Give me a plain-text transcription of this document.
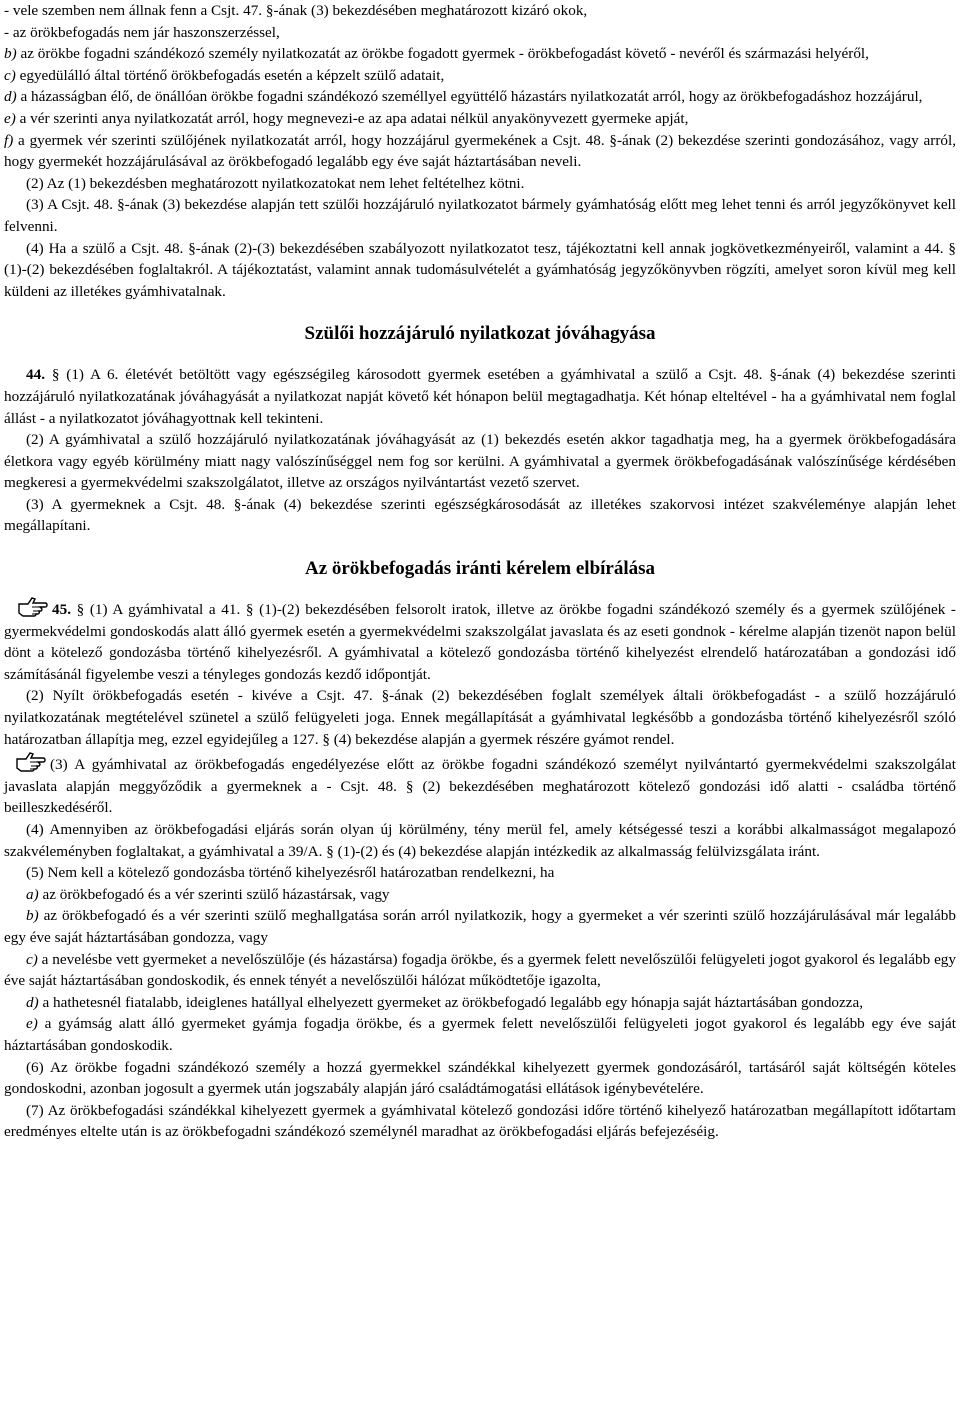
- vele szemben nem állnak fenn a Csjt. 47. §-ának (3) bekezdésében meghatározott kizáró okok,

- az örökbefogadás nem jár haszonszerzéssel,

b) az örökbe fogadni szándékozó személy nyilatkozatát az örökbe fogadott gyermek - örökbefogadást követő - nevéről és származási helyéről,

c) egyedülálló által történő örökbefogadás esetén a képzelt szülő adatait,

d) a házasságban élő, de önállóan örökbe fogadni szándékozó személlyel együttélő házastárs nyilatkozatát arról, hogy az örökbefogadáshoz hozzájárul,

e) a vér szerinti anya nyilatkozatát arról, hogy megnevezi-e az apa adatai nélkül anyakönyvezett gyermeke apját,

f) a gyermek vér szerinti szülőjének nyilatkozatát arról, hogy hozzájárul gyermekének a Csjt. 48. §-ának (2) bekezdése szerinti gondozásához, vagy arról, hogy gyermekét hozzájárulásával az örökbefogadó legalább egy éve saját háztartásában neveli.

(2) Az (1) bekezdésben meghatározott nyilatkozatokat nem lehet feltételhez kötni.

(3) A Csjt. 48. §-ának (3) bekezdése alapján tett szülői hozzájáruló nyilatkozatot bármely gyámhatóság előtt meg lehet tenni és arról jegyzőkönyvet kell felvenni.

(4) Ha a szülő a Csjt. 48. §-ának (2)-(3) bekezdésében szabályozott nyilatkozatot tesz, tájékoztatni kell annak jogkövetkezményeiről, valamint a 44. § (1)-(2) bekezdésében foglaltakról. A tájékoztatást, valamint annak tudomásulvételét a gyámhatóság jegyzőkönyvben rögzíti, amelyet soron kívül meg kell küldeni az illetékes gyámhivatalnak.

Szülői hozzájáruló nyilatkozat jóváhagyása

44. § (1) A 6. életévét betöltött vagy egészségileg károsodott gyermek esetében a gyámhivatal a szülő a Csjt. 48. §-ának (4) bekezdése szerinti hozzájáruló nyilatkozatának jóváhagyását a nyilatkozat napját követő két hónapon belül megtagadhatja. Két hónap elteltével - ha a gyámhivatal nem foglal állást - a nyilatkozatot jóváhagyottnak kell tekinteni.

(2) A gyámhivatal a szülő hozzájáruló nyilatkozatának jóváhagyását az (1) bekezdés esetén akkor tagadhatja meg, ha a gyermek örökbefogadására életkora vagy egyéb körülmény miatt nagy valószínűséggel nem fog sor kerülni. A gyámhivatal a gyermek örökbefogadásának valószínűsége kérdésében megkeresi a gyermekvédelmi szakszolgálatot, illetve az országos nyilvántartást vezető szervet.

(3) A gyermeknek a Csjt. 48. §-ának (4) bekezdése szerinti egészségkárosodását az illetékes szakorvosi intézet szakvéleménye alapján lehet megállapítani.

Az örökbefogadás iránti kérelem elbírálása

45. § (1) A gyámhivatal a 41. § (1)-(2) bekezdésében felsorolt iratok, illetve az örökbe fogadni szándékozó személy és a gyermek szülőjének - gyermekvédelmi gondoskodás alatt álló gyermek esetén a gyermekvédelmi szakszolgálat javaslata és az eseti gondnok - kérelme alapján tizenöt napon belül dönt a kötelező gondozásba történő kihelyezésről. A gyámhivatal a kötelező gondozásba történő kihelyezést elrendelő határozatában a gondozási idő számításánál figyelembe veszi a tényleges gondozás kezdő időpontját.

(2) Nyílt örökbefogadás esetén - kivéve a Csjt. 47. §-ának (2) bekezdésében foglalt személyek általi örökbefogadást - a szülő hozzájáruló nyilatkozatának megtételével szünetel a szülő felügyeleti joga. Ennek megállapítását a gyámhivatal legkésőbb a gondozásba történő kihelyezésről szóló határozatban állapítja meg, ezzel egyidejűleg a 127. § (4) bekezdése alapján a gyermek részére gyámot rendel.

(3) A gyámhivatal az örökbefogadás engedélyezése előtt az örökbe fogadni szándékozó személyt nyilvántartó gyermekvédelmi szakszolgálat javaslata alapján meggyőződik a gyermeknek a - Csjt. 48. § (2) bekezdésében meghatározott kötelező gondozási idő alatti - családba történő beilleszkedéséről.

(4) Amennyiben az örökbefogadási eljárás során olyan új körülmény, tény merül fel, amely kétségessé teszi a korábbi alkalmasságot megalapozó szakvéleményben foglaltakat, a gyámhivatal a 39/A. § (1)-(2) és (4) bekezdése alapján intézkedik az alkalmasság felülvizsgálata iránt.

(5) Nem kell a kötelező gondozásba történő kihelyezésről határozatban rendelkezni, ha

a) az örökbefogadó és a vér szerinti szülő házastársak, vagy

b) az örökbefogadó és a vér szerinti szülő meghallgatása során arról nyilatkozik, hogy a gyermeket a vér szerinti szülő hozzájárulásával már legalább egy éve saját háztartásában gondozza, vagy

c) a nevelésbe vett gyermeket a nevelőszülője (és házastársa) fogadja örökbe, és a gyermek felett nevelőszülői felügyeleti jogot gyakorol és legalább egy éve saját háztartásában gondoskodik, és ennek tényét a nevelőszülői hálózat működtetője igazolta,

d) a hathetesnél fiatalabb, ideiglenes hatállyal elhelyezett gyermeket az örökbefogadó legalább egy hónapja saját háztartásában gondozza,

e) a gyámság alatt álló gyermeket gyámja fogadja örökbe, és a gyermek felett nevelőszülői felügyeleti jogot gyakorol és legalább egy éve saját háztartásában gondoskodik.

(6) Az örökbe fogadni szándékozó személy a hozzá gyermekkel szándékkal kihelyezett gyermek gondozásáról, tartásáról saját költségén köteles gondoskodni, azonban jogosult a gyermek után jogszabály alapján járó családtámogatási ellátások igénybevételére.

(7) Az örökbefogadási szándékkal kihelyezett gyermek a gyámhivatal kötelező gondozási időre történő kihelyező határozatban megállapított időtartam eredményes eltelte után is az örökbefogadni szándékozó személynél maradhat az örökbefogadási eljárás befejezéséig.
